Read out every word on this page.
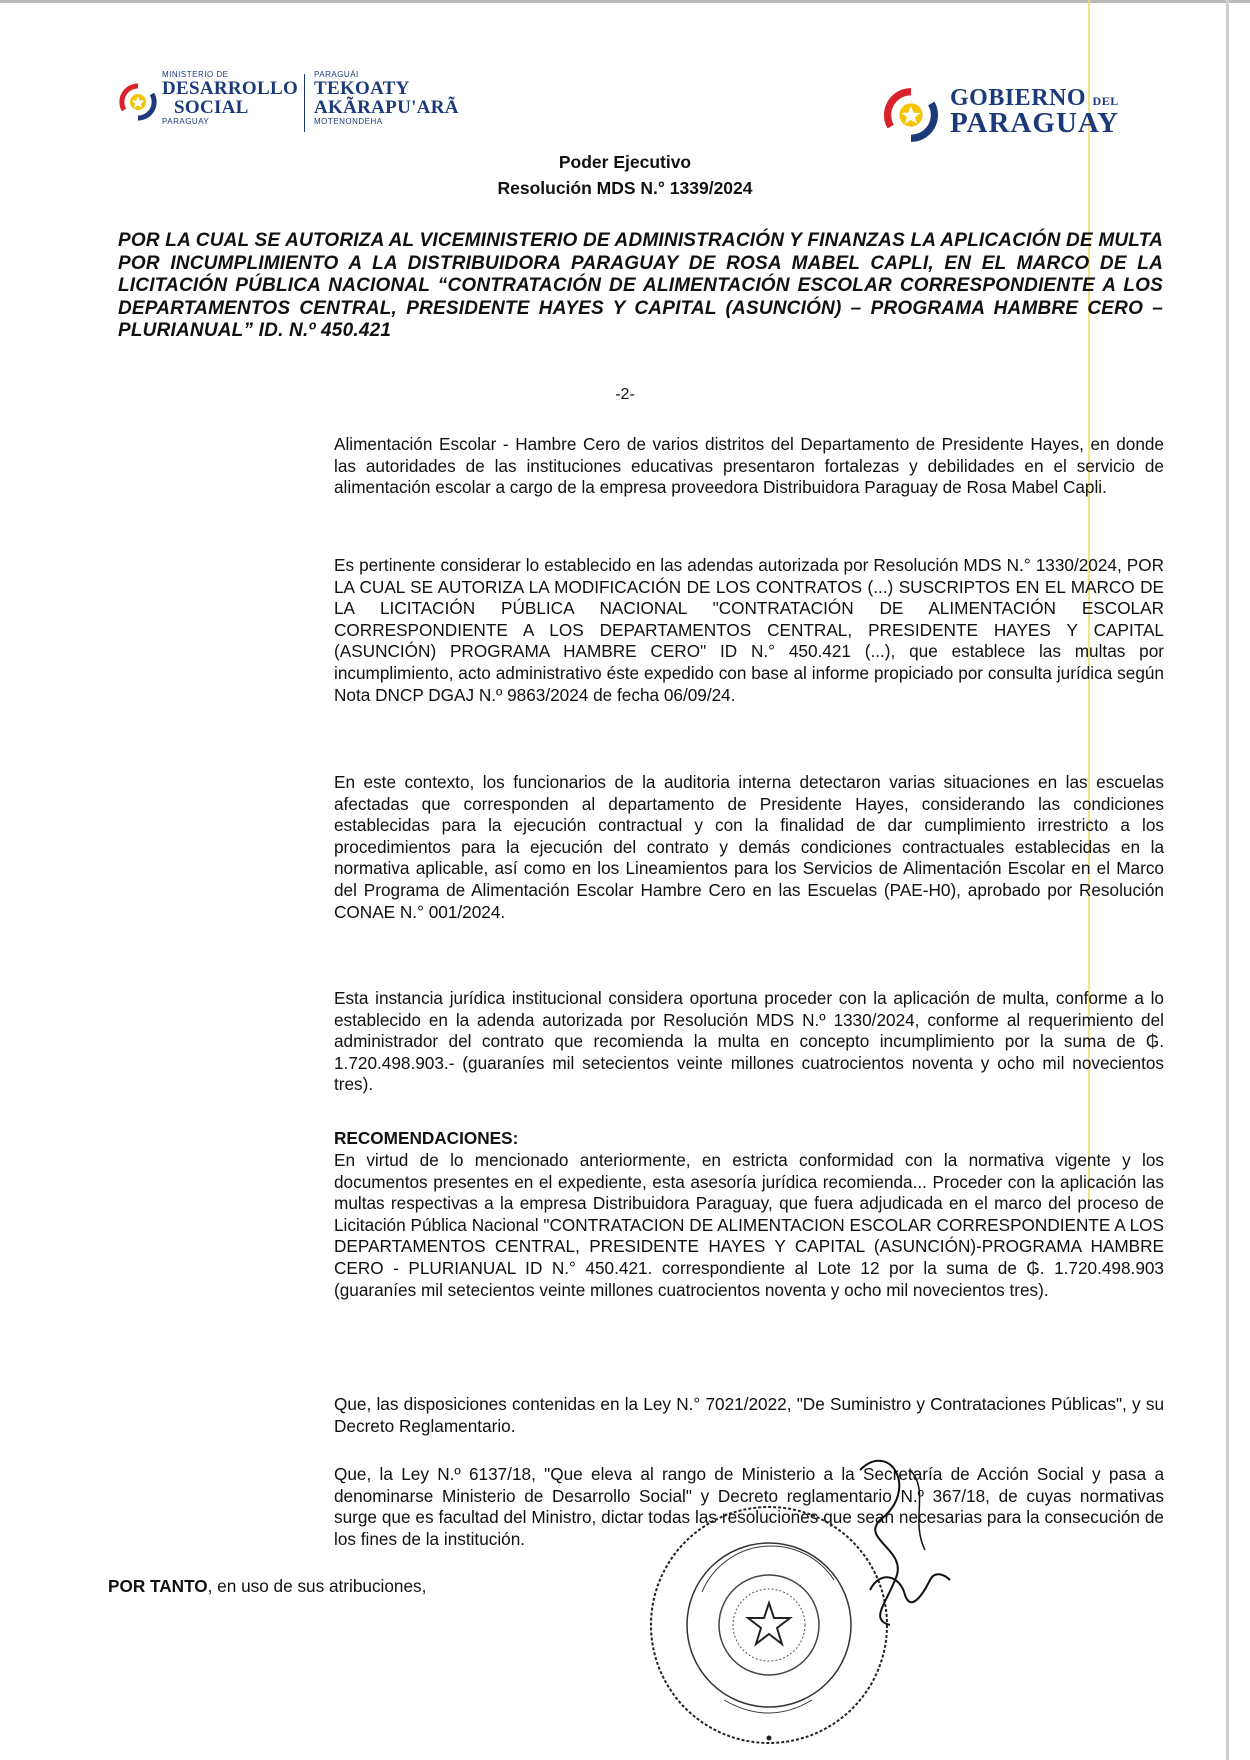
MINISTERIO DE
DESARROLLO
SOCIAL
PARAGUAY
PARAGUÁI
TEKOATY
AKÃRAPU'ARÃ
MOTENONDEHA
GOBIERNO DEL
PARAGUAY
Poder Ejecutivo
Resolución MDS N.° 1339/2024
POR LA CUAL SE AUTORIZA AL VICEMINISTERIO DE ADMINISTRACIÓN Y FINANZAS LA APLICACIÓN DE MULTA POR INCUMPLIMIENTO A LA DISTRIBUIDORA PARAGUAY DE ROSA MABEL CAPLI, EN EL MARCO DE LA LICITACIÓN PÚBLICA NACIONAL “CONTRATACIÓN DE ALIMENTACIÓN ESCOLAR CORRESPONDIENTE A LOS DEPARTAMENTOS CENTRAL, PRESIDENTE HAYES Y CAPITAL (ASUNCIÓN) – PROGRAMA HAMBRE CERO – PLURIANUAL” ID. N.º 450.421
-2-
Alimentación Escolar - Hambre Cero de varios distritos del Departamento de Presidente Hayes, en donde las autoridades de las instituciones educativas presentaron fortalezas y debilidades en el servicio de alimentación escolar a cargo de la empresa proveedora Distribuidora Paraguay de Rosa Mabel Capli.
Es pertinente considerar lo establecido en las adendas autorizada por Resolución MDS N.° 1330/2024, POR LA CUAL SE AUTORIZA LA MODIFICACIÓN DE LOS CONTRATOS (...) SUSCRIPTOS EN EL MARCO DE LA LICITACIÓN PÚBLICA NACIONAL "CONTRATACIÓN DE ALIMENTACIÓN ESCOLAR CORRESPONDIENTE A LOS DEPARTAMENTOS CENTRAL, PRESIDENTE HAYES Y CAPITAL (ASUNCIÓN) PROGRAMA HAMBRE CERO" ID N.° 450.421 (...), que establece las multas por incumplimiento, acto administrativo éste expedido con base al informe propiciado por consulta jurídica según Nota DNCP DGAJ N.º 9863/2024 de fecha 06/09/24.
En este contexto, los funcionarios de la auditoria interna detectaron varias situaciones en las escuelas afectadas que corresponden al departamento de Presidente Hayes, considerando las condiciones establecidas para la ejecución contractual y con la finalidad de dar cumplimiento irrestricto a los procedimientos para la ejecución del contrato y demás condiciones contractuales establecidas en la normativa aplicable, así como en los Lineamientos para los Servicios de Alimentación Escolar en el Marco del Programa de Alimentación Escolar Hambre Cero en las Escuelas (PAE-H0), aprobado por Resolución CONAE N.° 001/2024.
Esta instancia jurídica institucional considera oportuna proceder con la aplicación de multa, conforme a lo establecido en la adenda autorizada por Resolución MDS N.º 1330/2024, conforme al requerimiento del administrador del contrato que recomienda la multa en concepto incumplimiento por la suma de ₲. 1.720.498.903.- (guaraníes mil setecientos veinte millones cuatrocientos noventa y ocho mil novecientos tres).
RECOMENDACIONES:
En virtud de lo mencionado anteriormente, en estricta conformidad con la normativa vigente y los documentos presentes en el expediente, esta asesoría jurídica recomienda... Proceder con la aplicación las multas respectivas a la empresa Distribuidora Paraguay, que fuera adjudicada en el marco del proceso de Licitación Pública Nacional "CONTRATACION DE ALIMENTACION ESCOLAR CORRESPONDIENTE A LOS DEPARTAMENTOS CENTRAL, PRESIDENTE HAYES Y CAPITAL (ASUNCIÓN)-PROGRAMA HAMBRE CERO - PLURIANUAL ID N.° 450.421. correspondiente al Lote 12 por la suma de ₲. 1.720.498.903 (guaraníes mil setecientos veinte millones cuatrocientos noventa y ocho mil novecientos tres).
Que, las disposiciones contenidas en la Ley N.° 7021/2022, "De Suministro y Contrataciones Públicas", y su Decreto Reglamentario.
Que, la Ley N.º 6137/18, "Que eleva al rango de Ministerio a la Secretaría de Acción Social y pasa a denominarse Ministerio de Desarrollo Social" y Decreto reglamentario N.º 367/18, de cuyas normativas surge que es facultad del Ministro, dictar todas las resoluciones que sean necesarias para la consecución de los fines de la institución.
POR TANTO, en uso de sus atribuciones,
